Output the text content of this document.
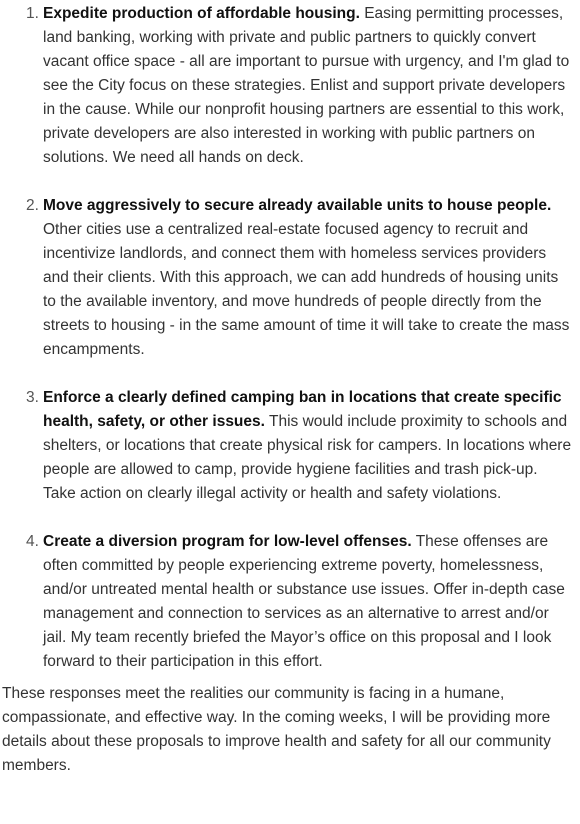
1. Expedite production of affordable housing. Easing permitting processes, land banking, working with private and public partners to quickly convert vacant office space - all are important to pursue with urgency, and I'm glad to see the City focus on these strategies. Enlist and support private developers in the cause. While our nonprofit housing partners are essential to this work, private developers are also interested in working with public partners on solutions. We need all hands on deck.
2. Move aggressively to secure already available units to house people. Other cities use a centralized real-estate focused agency to recruit and incentivize landlords, and connect them with homeless services providers and their clients. With this approach, we can add hundreds of housing units to the available inventory, and move hundreds of people directly from the streets to housing - in the same amount of time it will take to create the mass encampments.
3. Enforce a clearly defined camping ban in locations that create specific health, safety, or other issues. This would include proximity to schools and shelters, or locations that create physical risk for campers. In locations where people are allowed to camp, provide hygiene facilities and trash pick-up. Take action on clearly illegal activity or health and safety violations.
4. Create a diversion program for low-level offenses. These offenses are often committed by people experiencing extreme poverty, homelessness, and/or untreated mental health or substance use issues. Offer in-depth case management and connection to services as an alternative to arrest and/or jail. My team recently briefed the Mayor’s office on this proposal and I look forward to their participation in this effort.

These responses meet the realities our community is facing in a humane, compassionate, and effective way. In the coming weeks, I will be providing more details about these proposals to improve health and safety for all our community members.
